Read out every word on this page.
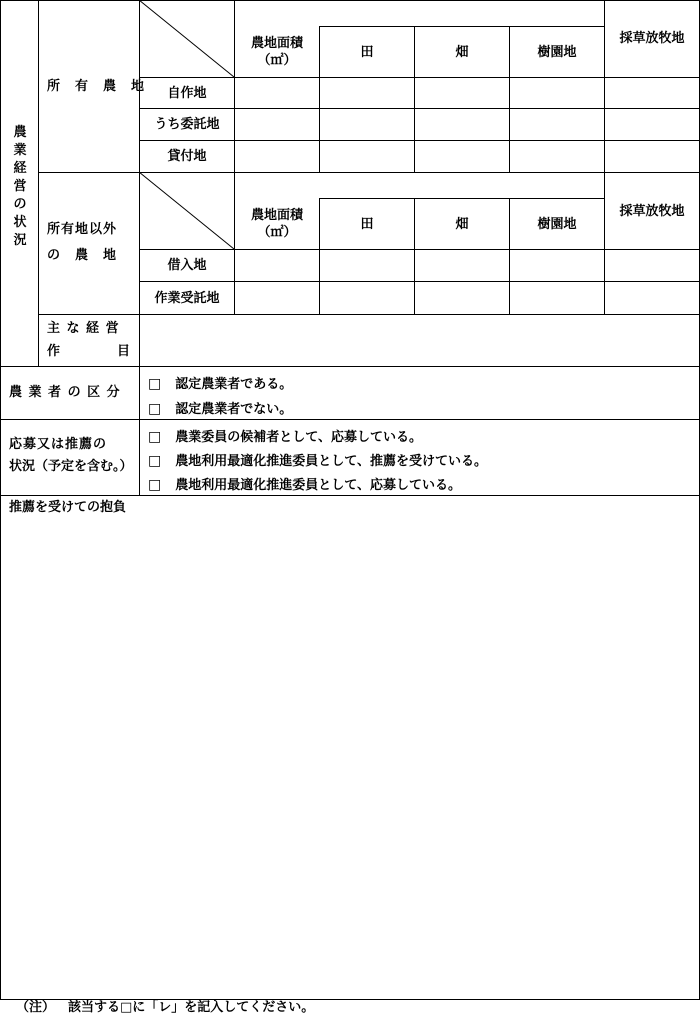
農
業
経
営
の
状
況
所　有　農　地
農地面積
（㎡）
田	畑	樹園地
採草放牧地
自作地
うち委託地
貸付地
所有地以外
の　農　地
農地面積
（㎡）
田	畑	樹園地
採草放牧地
借入地
作業受託地
主 な 経 営
作　　　　目
農 業 者 の 区 分
□ 認定農業者である。
□ 認定農業者でない。
応募又は推薦の
状況（予定を含む。）
□ 農業委員の候補者として、応募している。
□ 農地利用最適化推進委員として、推薦を受けている。
□ 農地利用最適化推進委員として、応募している。
推薦を受けての抱負
（注） 該当する□に「レ」を記入してください。
